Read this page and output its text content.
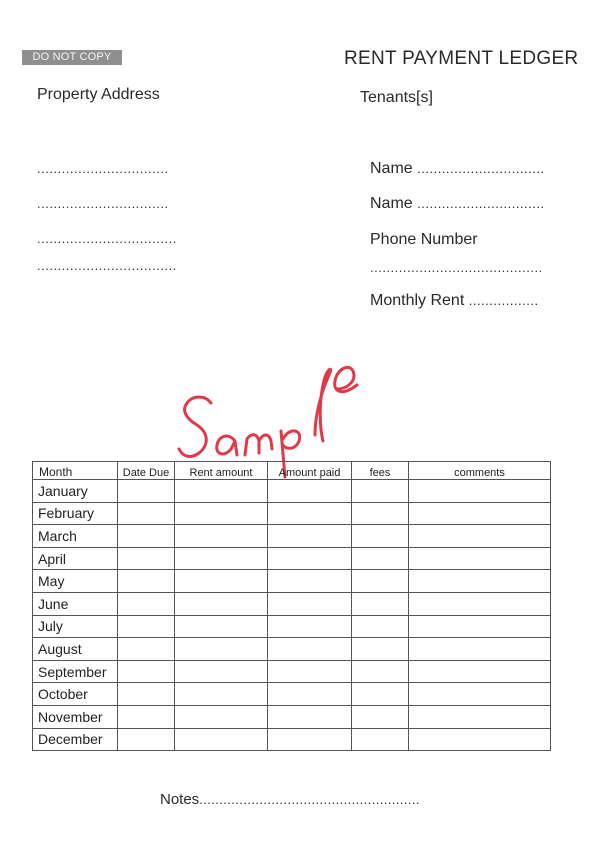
DO NOT COPY	RENT PAYMENT LEDGER
Property Address
................................
................................
..................................
..................................
Tenants[s]
Name ...............................
Name ...............................
Phone Number
..........................................
Monthly Rent .................
Sample
Month	Date Due	Rent amount	Amount paid	fees	comments
January					
February					
March					
April					
May					
June					
July					
August					
September					
October					
November					
December					
Notes.......................................................
